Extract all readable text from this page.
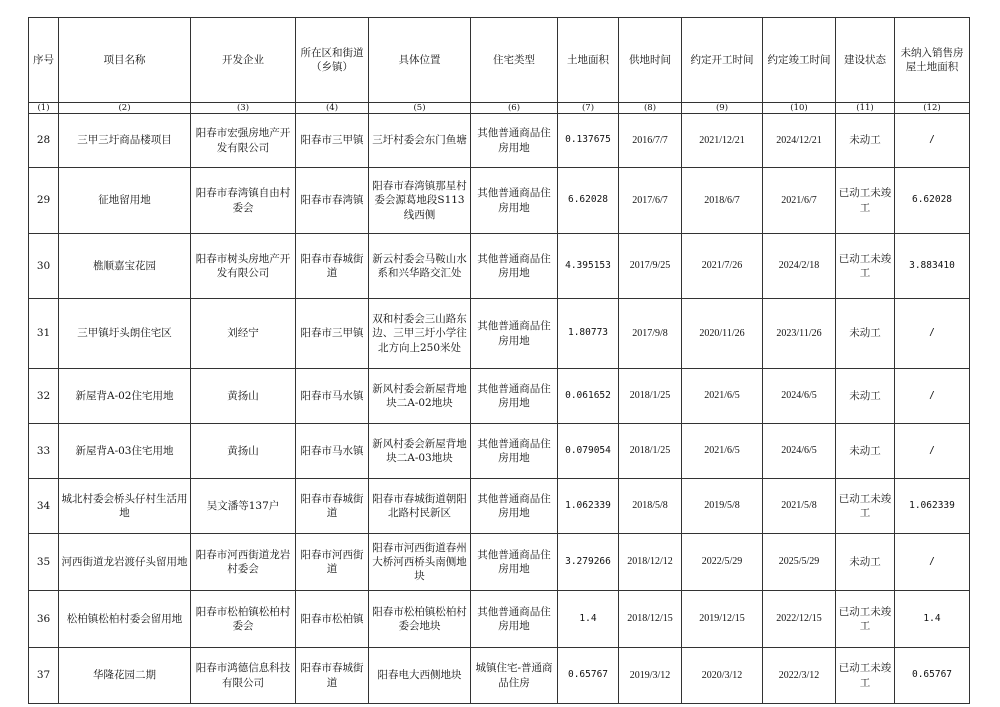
序号	项目名称	开发企业	所在区和街道（乡镇）	具体位置	住宅类型	土地面积	供地时间	约定开工时间	约定竣工时间	建设状态	未纳入销售房屋土地面积
(1)	(2)	(3)	(4)	(5)	(6)	(7)	(8)	(9)	(10)	(11)	(12)
28	三甲三圩商品楼项目	阳春市宏强房地产开发有限公司	阳春市三甲镇	三圩村委会东门鱼塘	其他普通商品住房用地	0.137675	2016/7/7	2021/12/21	2024/12/21	未动工	/
29	征地留用地	阳春市春湾镇自由村委会	阳春市春湾镇	阳春市春湾镇那星村委会源葛地段S113线西侧	其他普通商品住房用地	6.62028	2017/6/7	2018/6/7	2021/6/7	已动工未竣工	6.62028
30	樵顺嘉宝花园	阳春市树头房地产开发有限公司	阳春市春城街道	新云村委会马鞍山水系和兴华路交汇处	其他普通商品住房用地	4.395153	2017/9/25	2021/7/26	2024/2/18	已动工未竣工	3.883410
31	三甲镇圩头朗住宅区	刘经宁	阳春市三甲镇	双和村委会三山路东边、三甲三圩小学往北方向上250米处	其他普通商品住房用地	1.80773	2017/9/8	2020/11/26	2023/11/26	未动工	/
32	新屋背A-02住宅用地	黄扬山	阳春市马水镇	新风村委会新屋背地块二A-02地块	其他普通商品住房用地	0.061652	2018/1/25	2021/6/5	2024/6/5	未动工	/
33	新屋背A-03住宅用地	黄扬山	阳春市马水镇	新风村委会新屋背地块二A-03地块	其他普通商品住房用地	0.079054	2018/1/25	2021/6/5	2024/6/5	未动工	/
34	城北村委会桥头仔村生活用地	吴文潘等137户	阳春市春城街道	阳春市春城街道朝阳北路村民新区	其他普通商品住房用地	1.062339	2018/5/8	2019/5/8	2021/5/8	已动工未竣工	1.062339
35	河西街道龙岩渡仔头留用地	阳春市河西街道龙岩村委会	阳春市河西街道	阳春市河西街道春州大桥河西桥头南侧地块	其他普通商品住房用地	3.279266	2018/12/12	2022/5/29	2025/5/29	未动工	/
36	松柏镇松柏村委会留用地	阳春市松柏镇松柏村委会	阳春市松柏镇	阳春市松柏镇松柏村委会地块	其他普通商品住房用地	1.4	2018/12/15	2019/12/15	2022/12/15	已动工未竣工	1.4
37	华隆花园二期	阳春市鸿德信息科技有限公司	阳春市春城街道	阳春电大西侧地块	城镇住宅-普通商品住房	0.65767	2019/3/12	2020/3/12	2022/3/12	已动工未竣工	0.65767
